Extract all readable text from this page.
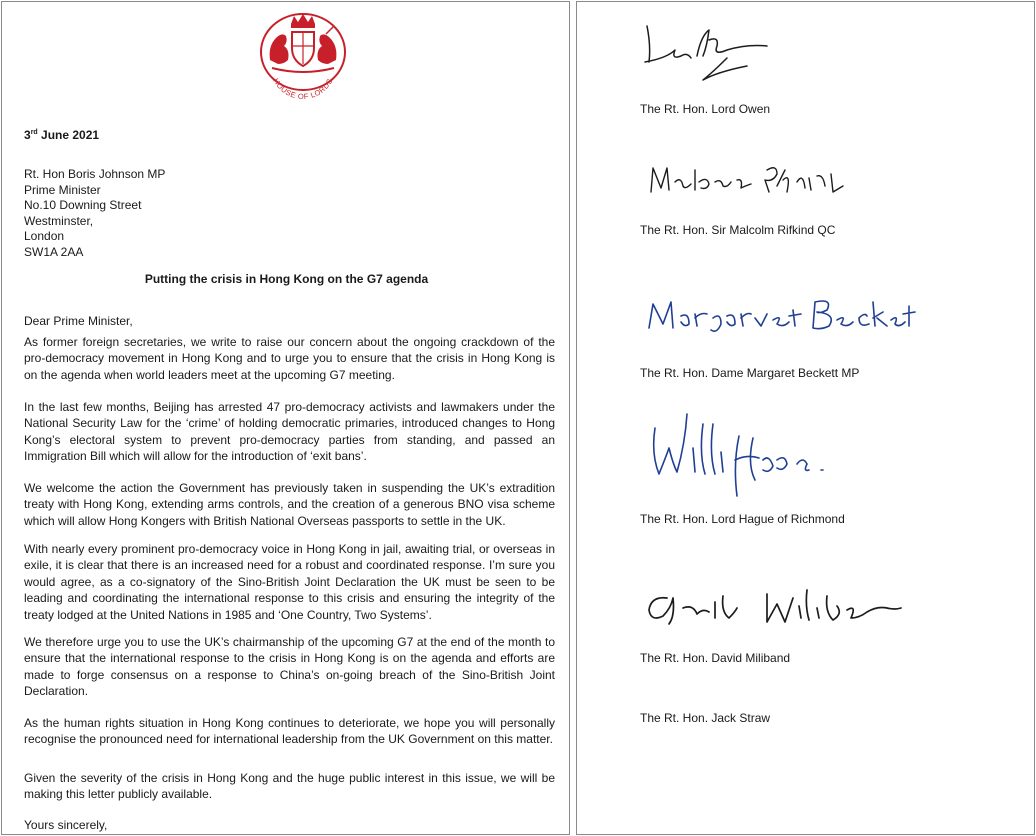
HOUSE OF LORDS
3rd June 2021
Rt. Hon Boris Johnson MP
Prime Minister
No.10 Downing Street
Westminster,
London
SW1A 2AA
Putting the crisis in Hong Kong on the G7 agenda
Dear Prime Minister,

As former foreign secretaries, we write to raise our concern about the ongoing crackdown of the pro-democracy movement in Hong Kong and to urge you to ensure that the crisis in Hong Kong is on the agenda when world leaders meet at the upcoming G7 meeting.

In the last few months, Beijing has arrested 47 pro-democracy activists and lawmakers under the National Security Law for the ‘crime’ of holding democratic primaries, introduced changes to Hong Kong’s electoral system to prevent pro-democracy parties from standing, and passed an Immigration Bill which will allow for the introduction of ‘exit bans’.

We welcome the action the Government has previously taken in suspending the UK’s extradition treaty with Hong Kong, extending arms controls, and the creation of a generous BNO visa scheme which will allow Hong Kongers with British National Overseas passports to settle in the UK.

With nearly every prominent pro-democracy voice in Hong Kong in jail, awaiting trial, or overseas in exile, it is clear that there is an increased need for a robust and coordinated response. I’m sure you would agree, as a co-signatory of the Sino-British Joint Declaration the UK must be seen to be leading and coordinating the international response to this crisis and ensuring the integrity of the treaty lodged at the United Nations in 1985 and ‘One Country, Two Systems’.

We therefore urge you to use the UK’s chairmanship of the upcoming G7 at the end of the month to ensure that the international response to the crisis in Hong Kong is on the agenda and efforts are made to forge consensus on a response to China’s on-going breach of the Sino-British Joint Declaration.

As the human rights situation in Hong Kong continues to deteriorate, we hope you will personally recognise the pronounced need for international leadership from the UK Government on this matter.

Given the severity of the crisis in Hong Kong and the huge public interest in this issue, we will be making this letter publicly available.

Yours sincerely,
The Rt. Hon. Lord Owen
The Rt. Hon. Sir Malcolm Rifkind QC
The Rt. Hon. Dame Margaret Beckett MP
The Rt. Hon. Lord Hague of Richmond
The Rt. Hon. David Miliband
The Rt. Hon. Jack Straw
